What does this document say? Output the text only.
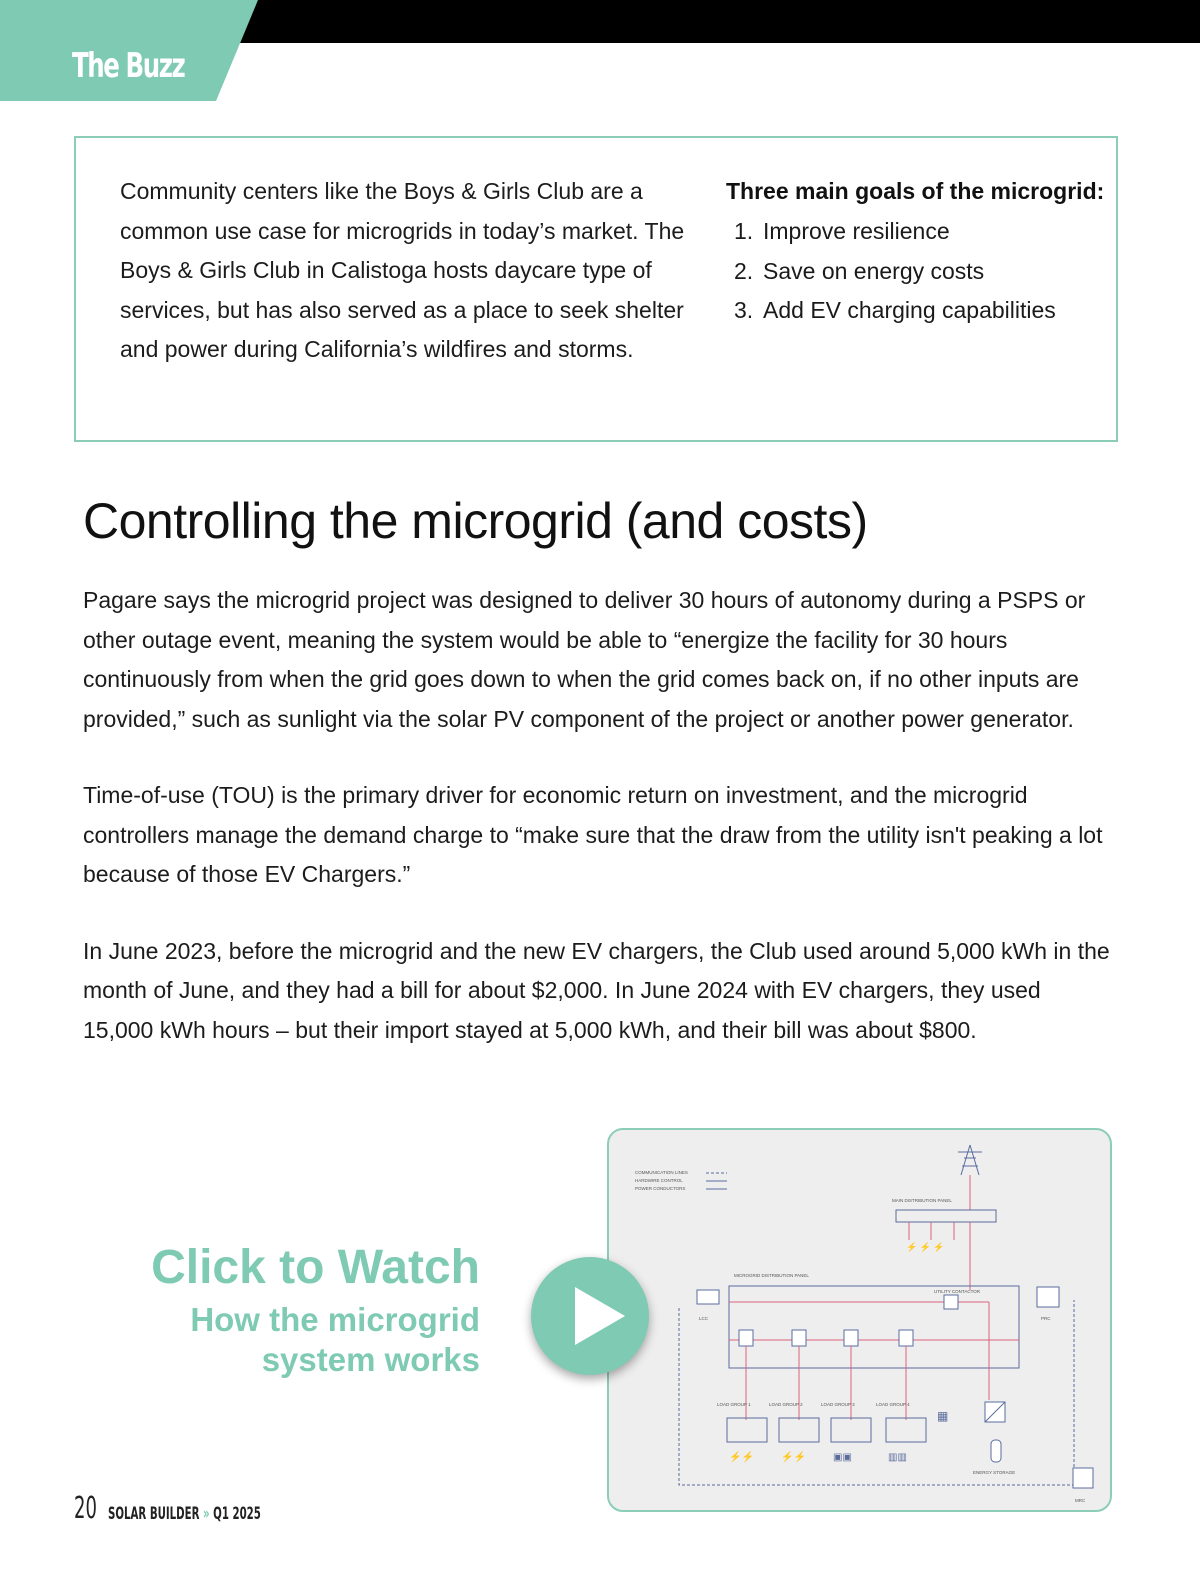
The Buzz
Community centers like the Boys & Girls Club are a common use case for microgrids in today’s market. The Boys & Girls Club in Calistoga hosts daycare type of services, but has also served as a place to seek shelter and power during California’s wildfires and storms.
Three main goals of the microgrid:
1. Improve resilience
2. Save on energy costs
3. Add EV charging capabilities
Controlling the microgrid (and costs)

Pagare says the microgrid project was designed to deliver 30 hours of autonomy during a PSPS or other outage event, meaning the system would be able to “energize the facility for 30 hours continuously from when the grid goes down to when the grid comes back on, if no other inputs are provided,” such as sunlight via the solar PV component of the project or another power generator.

Time-of-use (TOU) is the primary driver for economic return on investment, and the microgrid controllers manage the demand charge to “make sure that the draw from the utility isn't peaking a lot because of those EV Chargers.”

In June 2023, before the microgrid and the new EV chargers, the Club used around 5,000 kWh in the month of June, and they had a bill for about $2,000. In June 2024 with EV chargers, they used 15,000 kWh hours – but their import stayed at 5,000 kWh, and their bill was about $800.

Click to Watch
How the microgrid system works
COMMUNICATION LINES
HARDWIRE CONTROL
POWER CONDUCTORS
MAIN DISTRIBUTION PANEL
⚡ ⚡ ⚡
MICROGRID DISTRIBUTION PANEL
UTILITY CONTACTOR
LCC	PRC
LOAD GROUP 1	LOAD GROUP 2	LOAD GROUP 3	LOAD GROUP 4
⚡⚡	⚡⚡	▣▣	▥▥
▦
ENERGY STORAGE
MRC
20 SOLAR BUILDER » Q1 2025
